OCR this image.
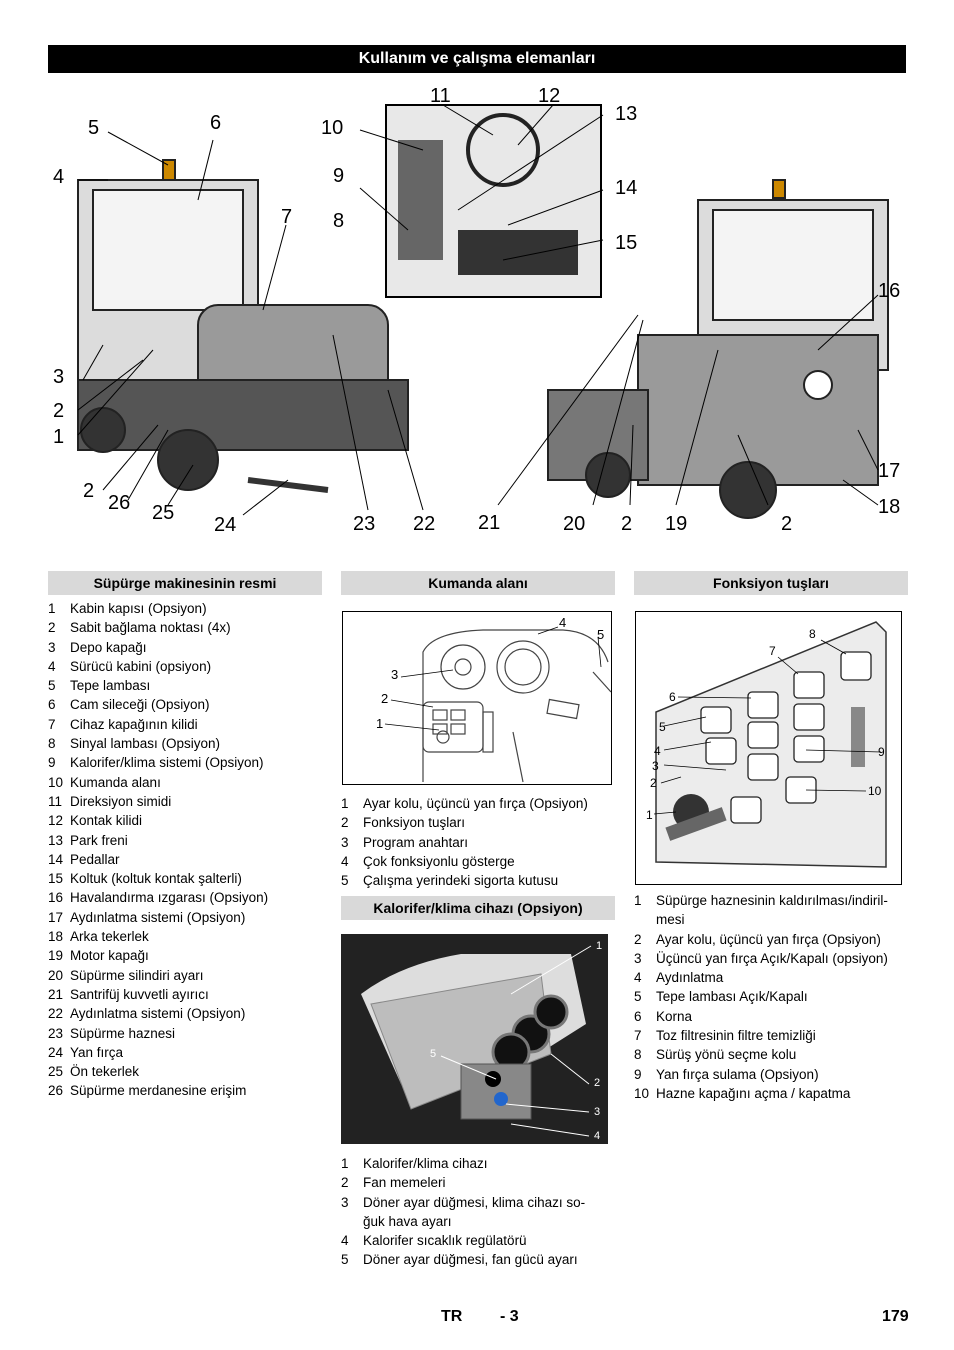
Kullanım ve çalışma elemanları
5	6
4
7
3
2
1
2
26 25
24	23 22
10
9
8
11	12
13
14
15
21	20 2 19	2
16
17
18
Süpürge makinesinin resmi
1 Kabin kapısı (Opsiyon)
2 Sabit bağlama noktası (4x)
3 Depo kapağı
4 Sürücü kabini (opsiyon)
5 Tepe lambası
6 Cam sileceği (Opsiyon)
7 Cihaz kapağının kilidi
8 Sinyal lambası (Opsiyon)
9 Kalorifer/klima sistemi (Opsiyon)
10 Kumanda alanı
11 Direksiyon simidi
12 Kontak kilidi
13 Park freni
14 Pedallar
15 Koltuk (koltuk kontak şalterli)
16 Havalandırma ızgarası (Opsiyon)
17 Aydınlatma sistemi (Opsiyon)
18 Arka tekerlek
19 Motor kapağı
20 Süpürme silindiri ayarı
21 Santrifüj kuvvetli ayırıcı
22 Aydınlatma sistemi (Opsiyon)
23 Süpürme haznesi
24 Yan fırça
25 Ön tekerlek
26 Süpürme merdanesine erişim
Kumanda alanı
3
2
1
4
5
1 Ayar kolu, üçüncü yan fırça (Opsiyon)
2 Fonksiyon tuşları
3 Program anahtarı
4 Çok fonksiyonlu gösterge
5 Çalışma yerindeki sigorta kutusu
Kalorifer/klima cihazı (Opsiyon)
1
5
2
3
4
1 Kalorifer/klima cihazı
2 Fan memeleri
3 Döner ayar düğmesi, klima cihazı so-
ğuk hava ayarı
4 Kalorifer sıcaklık regülatörü
5 Döner ayar düğmesi, fan gücü ayarı
Fonksiyon tuşları
8
7
6
5
4
3
2
1
9
10
1 Süpürge haznesinin kaldırılması/indiril-
mesi
2 Ayar kolu, üçüncü yan fırça (Opsiyon)
3 Üçüncü yan fırça Açık/Kapalı (opsiyon)
4 Aydınlatma
5 Tepe lambası Açık/Kapalı
6 Korna
7 Toz filtresinin filtre temizliği
8 Sürüş yönü seçme kolu
9 Yan fırça sulama (Opsiyon)
10 Hazne kapağını açma / kapatma
TR - 3	179
